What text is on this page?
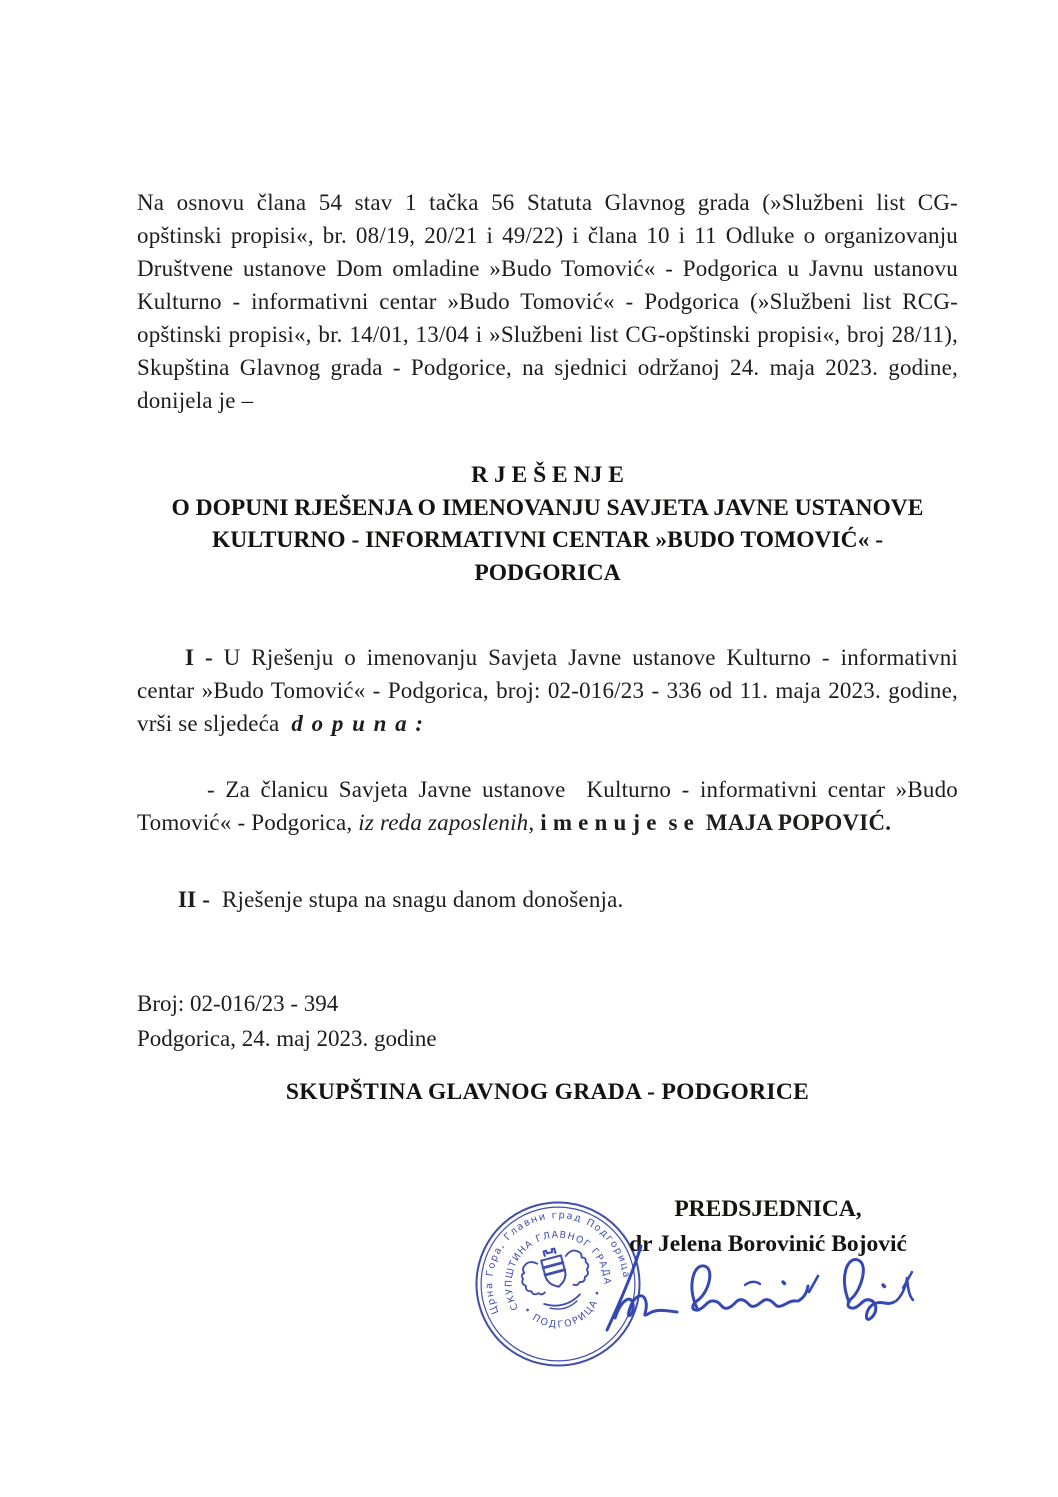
Na osnovu člana 54 stav 1 tačka 56 Statuta Glavnog grada (»Službeni list CG-opštinski propisi«, br. 08/19, 20/21 i 49/22) i člana 10 i 11 Odluke o organizovanju Društvene ustanove Dom omladine »Budo Tomović« - Podgorica u Javnu ustanovu Kulturno - informativni centar »Budo Tomović« - Podgorica (»Službeni list RCG-opštinski propisi«, br. 14/01, 13/04 i »Službeni list CG-opštinski propisi«, broj 28/11), Skupština Glavnog grada - Podgorice, na sjednici održanoj 24. maja 2023. godine, donijela je –

R J E Š E NJ E
O DOPUNI RJEŠENJA O IMENOVANJU SAVJETA JAVNE USTANOVE
KULTURNO - INFORMATIVNI CENTAR »BUDO TOMOVIĆ« - PODGORICA

I - U Rješenju o imenovanju Savjeta Javne ustanove Kulturno - informativni centar »Budo Tomović« - Podgorica, broj: 02-016/23 - 336 od 11. maja 2023. godine, vrši se sljedeća  d o p u n a :

- Za članicu Savjeta Javne ustanove  Kulturno - informativni centar »Budo Tomović« - Podgorica, iz reda zaposlenih, i m e n u j e  s e  MAJA POPOVIĆ.

II -  Rješenje stupa na snagu danom donošenja.

Broj: 02-016/23 - 394
Podgorica, 24. maj 2023. godine
SKUPŠTINA GLAVNOG GRADA - PODGORICE
Црна Гора, Главни град Подгорица
СКУПШТИНА ГЛАВНОГ ГРАДА
• ПОДГОРИЦА •
PREDSJEDNICA,
dr Jelena Borovinić Bojović
